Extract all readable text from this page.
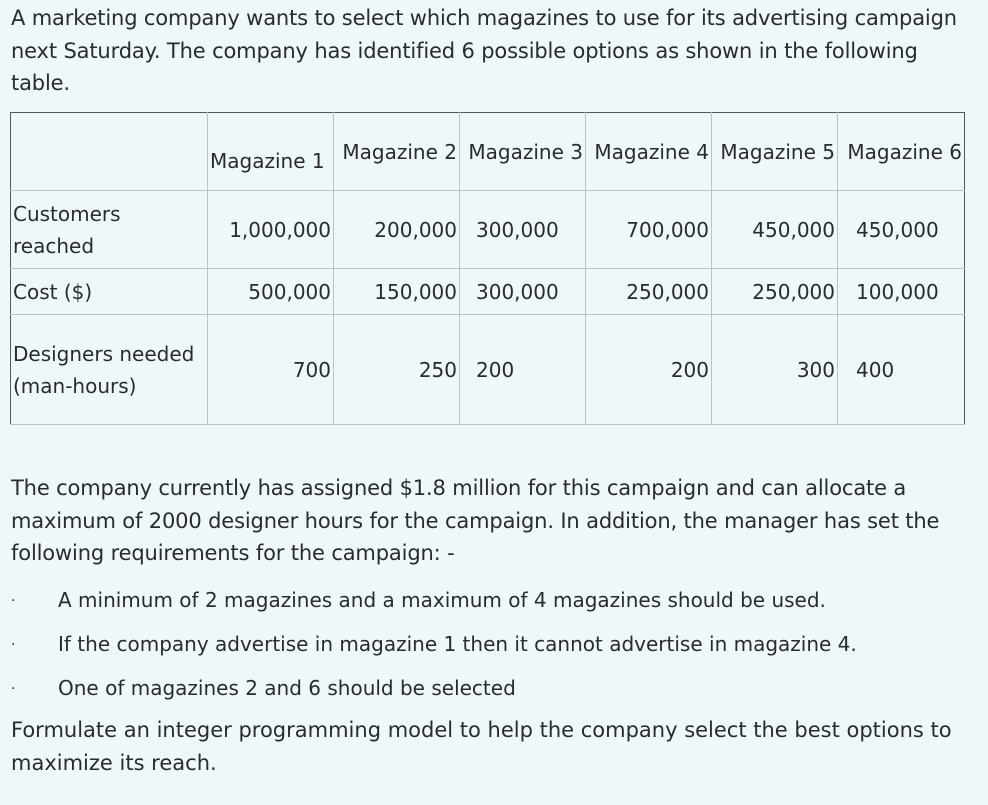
A marketing company wants to select which magazines to use for its advertising campaign next Saturday. The company has identified 6 possible options as shown in the following table.

	Magazine 1	Magazine 2	Magazine 3	Magazine 4	Magazine 5	Magazine 6
Customers reached	1,000,000	200,000	300,000	700,000	450,000	450,000
Cost ($)	500,000	150,000	300,000	250,000	250,000	100,000
Designers needed (man-hours)	700	250	200	200	300	400

The company currently has assigned $1.8 million for this campaign and can allocate a maximum of 2000 designer hours for the campaign. In addition, the manager has set the following requirements for the campaign: -

· A minimum of 2 magazines and a maximum of 4 magazines should be used.
· If the company advertise in magazine 1 then it cannot advertise in magazine 4.
· One of magazines 2 and 6 should be selected

Formulate an integer programming model to help the company select the best options to maximize its reach.
